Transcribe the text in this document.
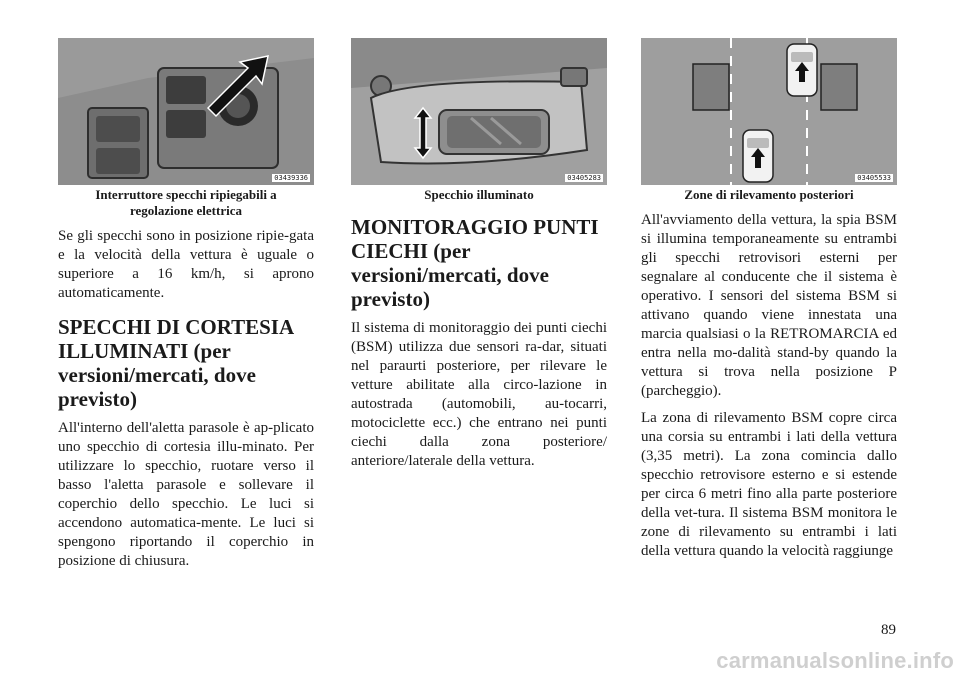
03439336
Interruttore specchi ripiegabili a
regolazione elettrica

Se gli specchi sono in posizione ripie-gata e la velocità della vettura è uguale o superiore a 16 km/h, si aprono automaticamente.

SPECCHI DI CORTESIA ILLUMINATI (per versioni/mercati, dove previsto)

All'interno dell'aletta parasole è ap-plicato uno specchio di cortesia illu-minato. Per utilizzare lo specchio, ruotare verso il basso l'aletta parasole e sollevare il coperchio dello specchio. Le luci si accendono automatica-mente. Le luci si spengono riportando il coperchio in posizione di chiusura.

03405283
Specchio illuminato
MONITORAGGIO PUNTI CIECHI (per versioni/mercati, dove previsto)

Il sistema di monitoraggio dei punti ciechi (BSM) utilizza due sensori ra-dar, situati nel paraurti posteriore, per rilevare le vetture abilitate alla circo-lazione in autostrada (automobili, au-tocarri, motociclette ecc.) che entrano nei punti ciechi dalla zona posteriore/ anteriore/laterale della vettura.

03405533
Zone di rilevamento posteriori

All'avviamento della vettura, la spia BSM si illumina temporaneamente su entrambi gli specchi retrovisori esterni per segnalare al conducente che il sistema è operativo. I sensori del sistema BSM si attivano quando viene innestata una marcia qualsiasi o la RETROMARCIA ed entra nella mo-dalità stand-by quando la vettura si trova nella posizione P (parcheggio).

La zona di rilevamento BSM copre circa una corsia su entrambi i lati della vettura (3,35 metri). La zona comincia dallo specchio retrovisore esterno e si estende per circa 6 metri fino alla parte posteriore della vet-tura. Il sistema BSM monitora le zone di rilevamento su entrambi i lati della vettura quando la velocità raggiunge

89
carmanualsonline.info
